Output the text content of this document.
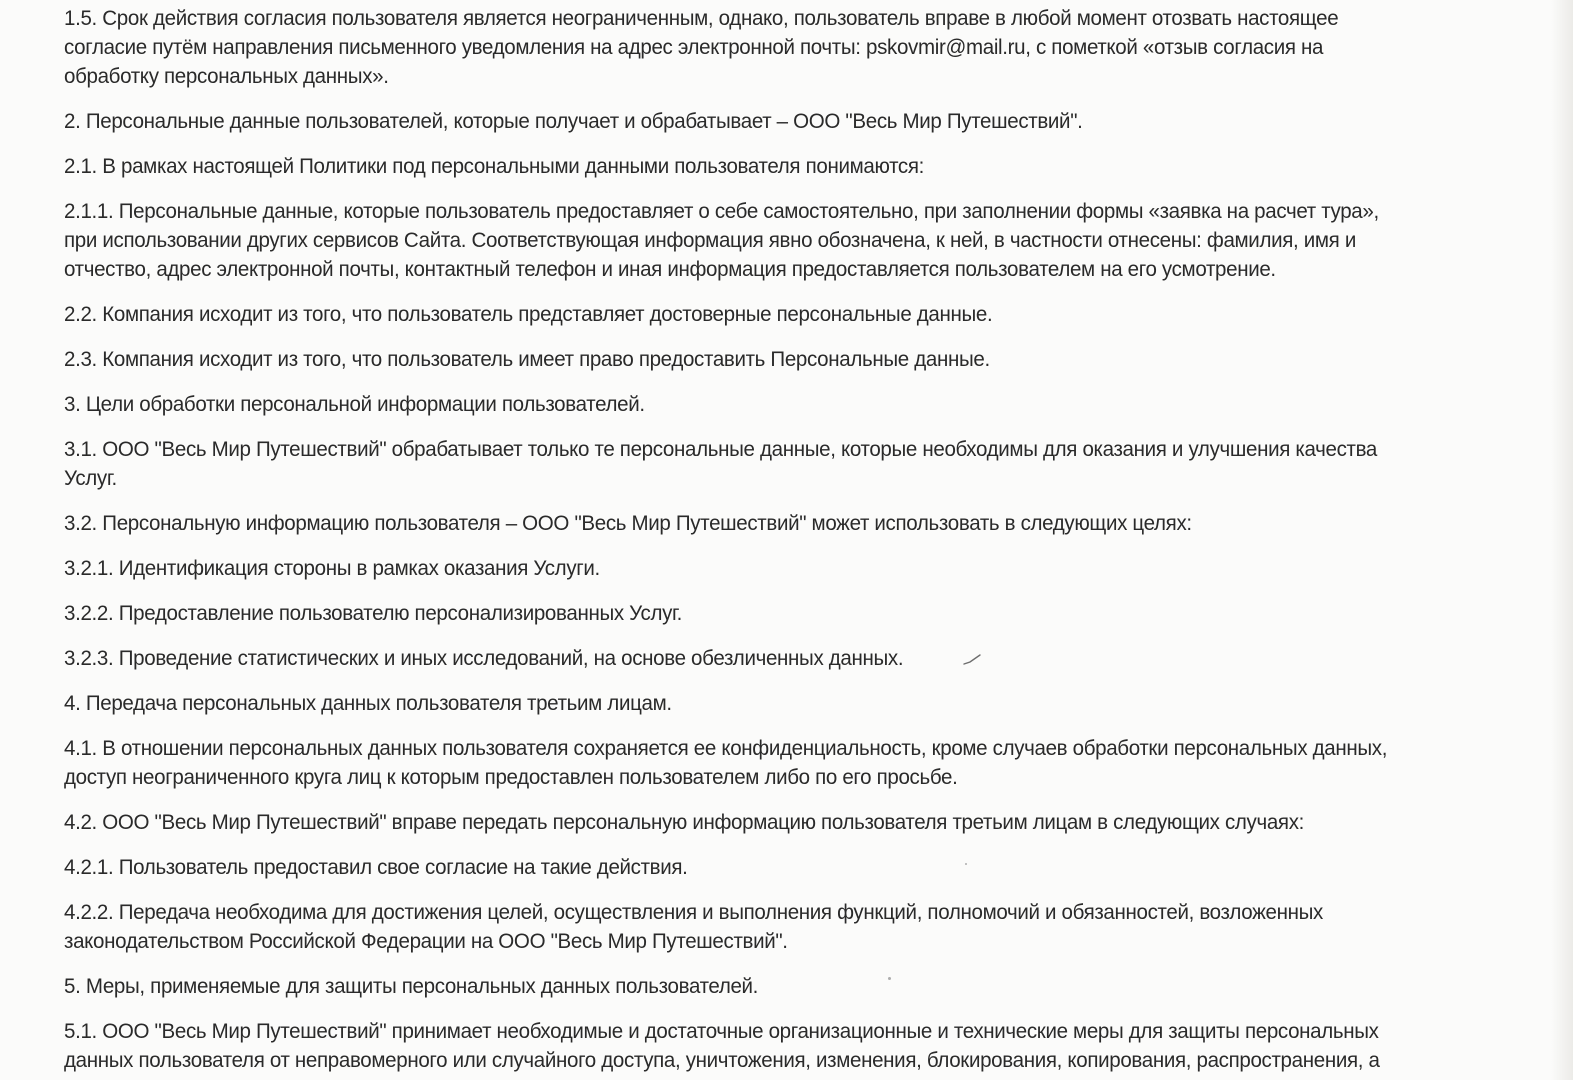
1.5. Срок действия согласия пользователя является неограниченным, однако, пользователь вправе в любой момент отозвать настоящее согласие путём направления письменного уведомления на адрес электронной почты: pskovmir@mail.ru, с пометкой «отзыв согласия на обработку персональных данных».

2. Персональные данные пользователей, которые получает и обрабатывает – ООО "Весь Мир Путешествий".

2.1. В рамках настоящей Политики под персональными данными пользователя понимаются:

2.1.1. Персональные данные, которые пользователь предоставляет о себе самостоятельно, при заполнении формы «заявка на расчет тура», при использовании других сервисов Сайта. Соответствующая информация явно обозначена, к ней, в частности отнесены: фамилия, имя и отчество, адрес электронной почты, контактный телефон и иная информация предоставляется пользователем на его усмотрение.

2.2. Компания исходит из того, что пользователь представляет достоверные персональные данные.

2.3. Компания исходит из того, что пользователь имеет право предоставить Персональные данные.

3. Цели обработки персональной информации пользователей.

3.1. ООО "Весь Мир Путешествий" обрабатывает только те персональные данные, которые необходимы для оказания и улучшения качества Услуг.

3.2. Персональную информацию пользователя – ООО "Весь Мир Путешествий" может использовать в следующих целях:

3.2.1. Идентификация стороны в рамках оказания Услуги.

3.2.2. Предоставление пользователю персонализированных Услуг.

3.2.3. Проведение статистических и иных исследований, на основе обезличенных данных.

4. Передача персональных данных пользователя третьим лицам.

4.1. В отношении персональных данных пользователя сохраняется ее конфиденциальность, кроме случаев обработки персональных данных, доступ неограниченного круга лиц к которым предоставлен пользователем либо по его просьбе.

4.2. ООО "Весь Мир Путешествий" вправе передать персональную информацию пользователя третьим лицам в следующих случаях:

4.2.1. Пользователь предоставил свое согласие на такие действия.

4.2.2. Передача необходима для достижения целей, осуществления и выполнения функций, полномочий и обязанностей, возложенных законодательством Российской Федерации на ООО "Весь Мир Путешествий".

5. Меры, применяемые для защиты персональных данных пользователей.

5.1. ООО "Весь Мир Путешествий" принимает необходимые и достаточные организационные и технические меры для защиты персональных данных пользователя от неправомерного или случайного доступа, уничтожения, изменения, блокирования, копирования, распространения, а
